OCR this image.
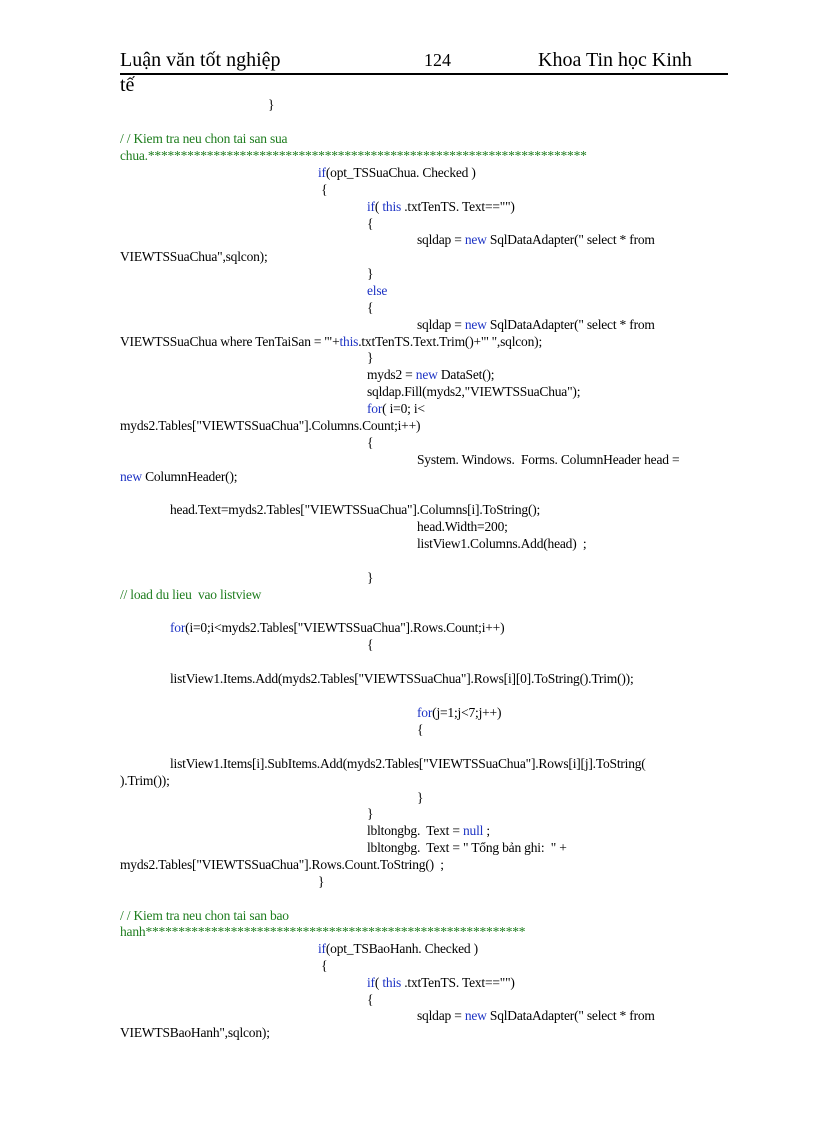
Luận văn tốt nghiệp	124	Khoa Tin học Kinh
tế
}
/ / Kiem tra neu chon tai san sua
chua.*******************************************************************
if(opt_TSSuaChua. Checked )
{
if( this .txtTenTS. Text=="")
{
sqldap = new SqlDataAdapter(" select * from
VIEWTSSuaChua",sqlcon);
}
else
{
sqldap = new SqlDataAdapter(" select * from
VIEWTSSuaChua where TenTaiSan = '"+this.txtTenTS.Text.Trim()+"' ",sqlcon);
}
myds2 = new DataSet();
sqldap.Fill(myds2,"VIEWTSSuaChua");
for( i=0; i<
myds2.Tables["VIEWTSSuaChua"].Columns.Count;i++)
{
System. Windows.  Forms. ColumnHeader head =
new ColumnHeader();
head.Text=myds2.Tables["VIEWTSSuaChua"].Columns[i].ToString();
head.Width=200;
listView1.Columns.Add(head)  ;
}
// load du lieu  vao listview
for(i=0;i<myds2.Tables["VIEWTSSuaChua"].Rows.Count;i++)
{
listView1.Items.Add(myds2.Tables["VIEWTSSuaChua"].Rows[i][0].ToString().Trim());
for(j=1;j<7;j++)
{
listView1.Items[i].SubItems.Add(myds2.Tables["VIEWTSSuaChua"].Rows[i][j].ToString(
).Trim());
}
}
lbltongbg.  Text = null ;
lbltongbg.  Text = " Tổng bản ghi:  " +
myds2.Tables["VIEWTSSuaChua"].Rows.Count.ToString()  ;
}
/ / Kiem tra neu chon tai san bao
hanh**********************************************************
if(opt_TSBaoHanh. Checked )
{
if( this .txtTenTS. Text=="")
{
sqldap = new SqlDataAdapter(" select * from
VIEWTSBaoHanh",sqlcon);
